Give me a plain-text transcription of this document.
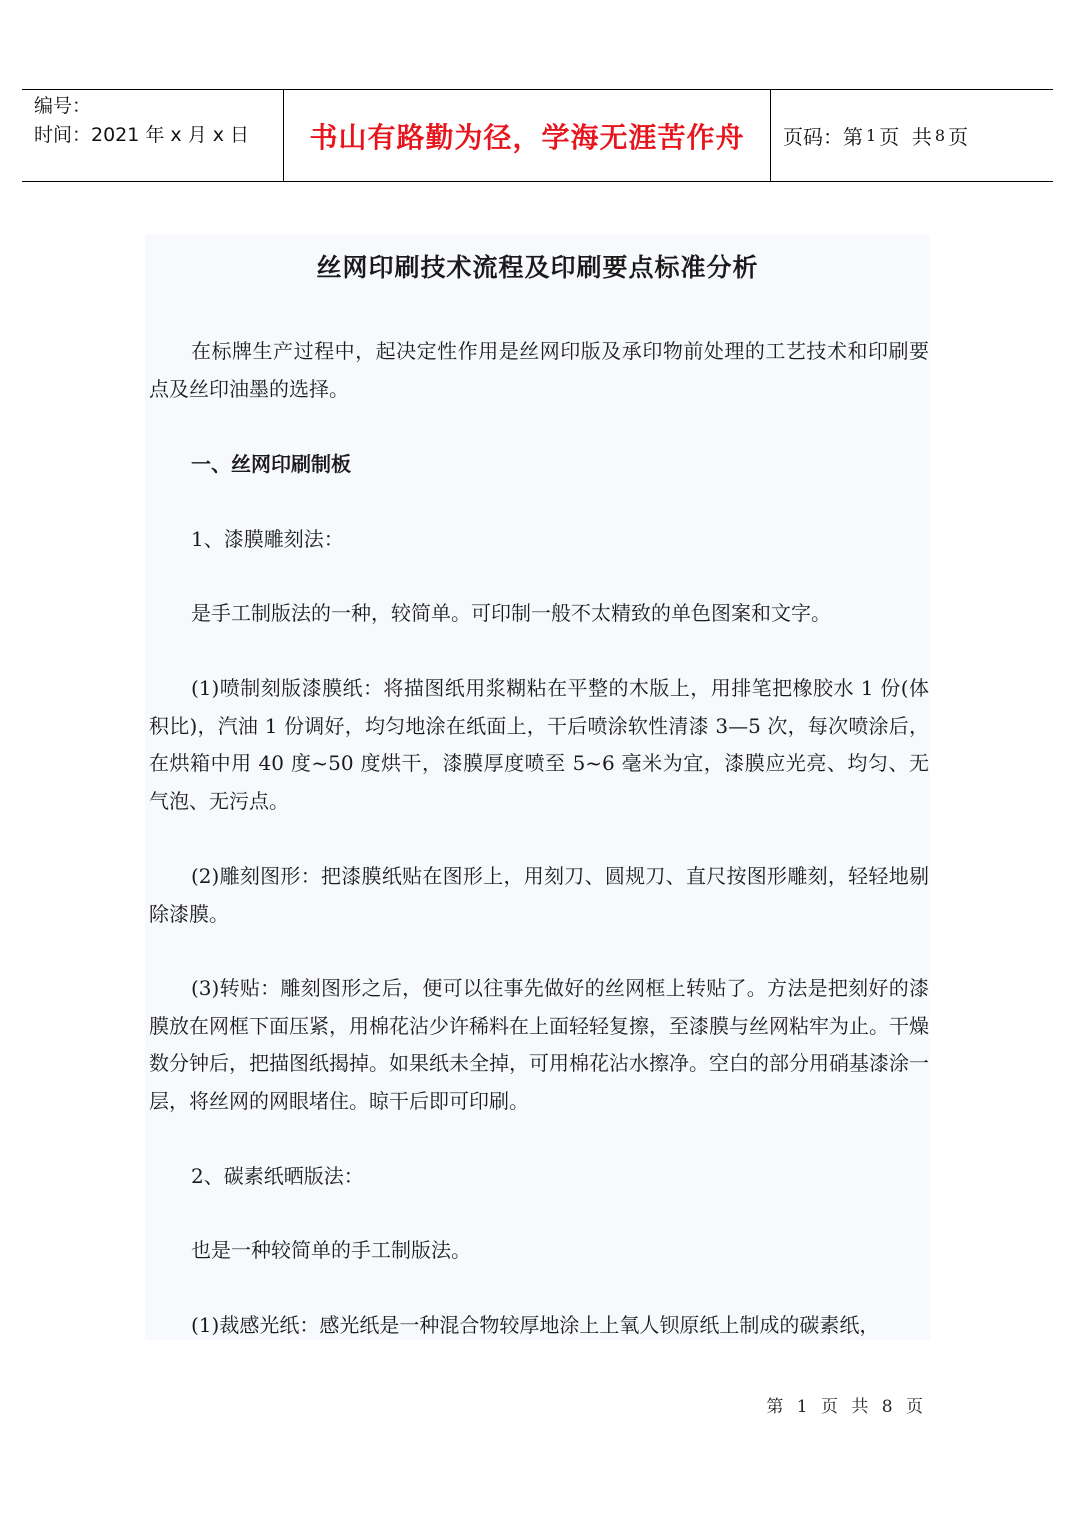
编号：
时间：2021 年 x 月 x 日	书山有路勤为径，学海无涯苦作舟	页码：第 1 页  共 8 页
丝网印刷技术流程及印刷要点标准分析

在标牌生产过程中，起决定性作用是丝网印版及承印物前处理的工艺技术和印刷要点及丝印油墨的选择。

一、丝网印刷制板

1、漆膜雕刻法：

是手工制版法的一种，较简单。可印制一般不太精致的单色图案和文字。

(1)喷制刻版漆膜纸：将描图纸用浆糊粘在平整的木版上，用排笔把橡胶水 1 份(体积比)，汽油 1 份调好，均匀地涂在纸面上，干后喷涂软性清漆 3—5 次，每次喷涂后，在烘箱中用 40 度~50 度烘干，漆膜厚度喷至 5~6 毫米为宜，漆膜应光亮、均匀、无气泡、无污点。

(2)雕刻图形：把漆膜纸贴在图形上，用刻刀、圆规刀、直尺按图形雕刻，轻轻地剔除漆膜。

(3)转贴：雕刻图形之后，便可以往事先做好的丝网框上转贴了。方法是把刻好的漆膜放在网框下面压紧，用棉花沾少许稀料在上面轻轻复擦，至漆膜与丝网粘牢为止。干燥数分钟后，把描图纸揭掉。如果纸未全掉，可用棉花沾水擦净。空白的部分用硝基漆涂一层，将丝网的网眼堵住。晾干后即可印刷。

2、碳素纸晒版法：

也是一种较简单的手工制版法。

(1)裁感光纸：感光纸是一种混合物较厚地涂上上氧人钡原纸上制成的碳素纸，

第 1 页 共 8 页
